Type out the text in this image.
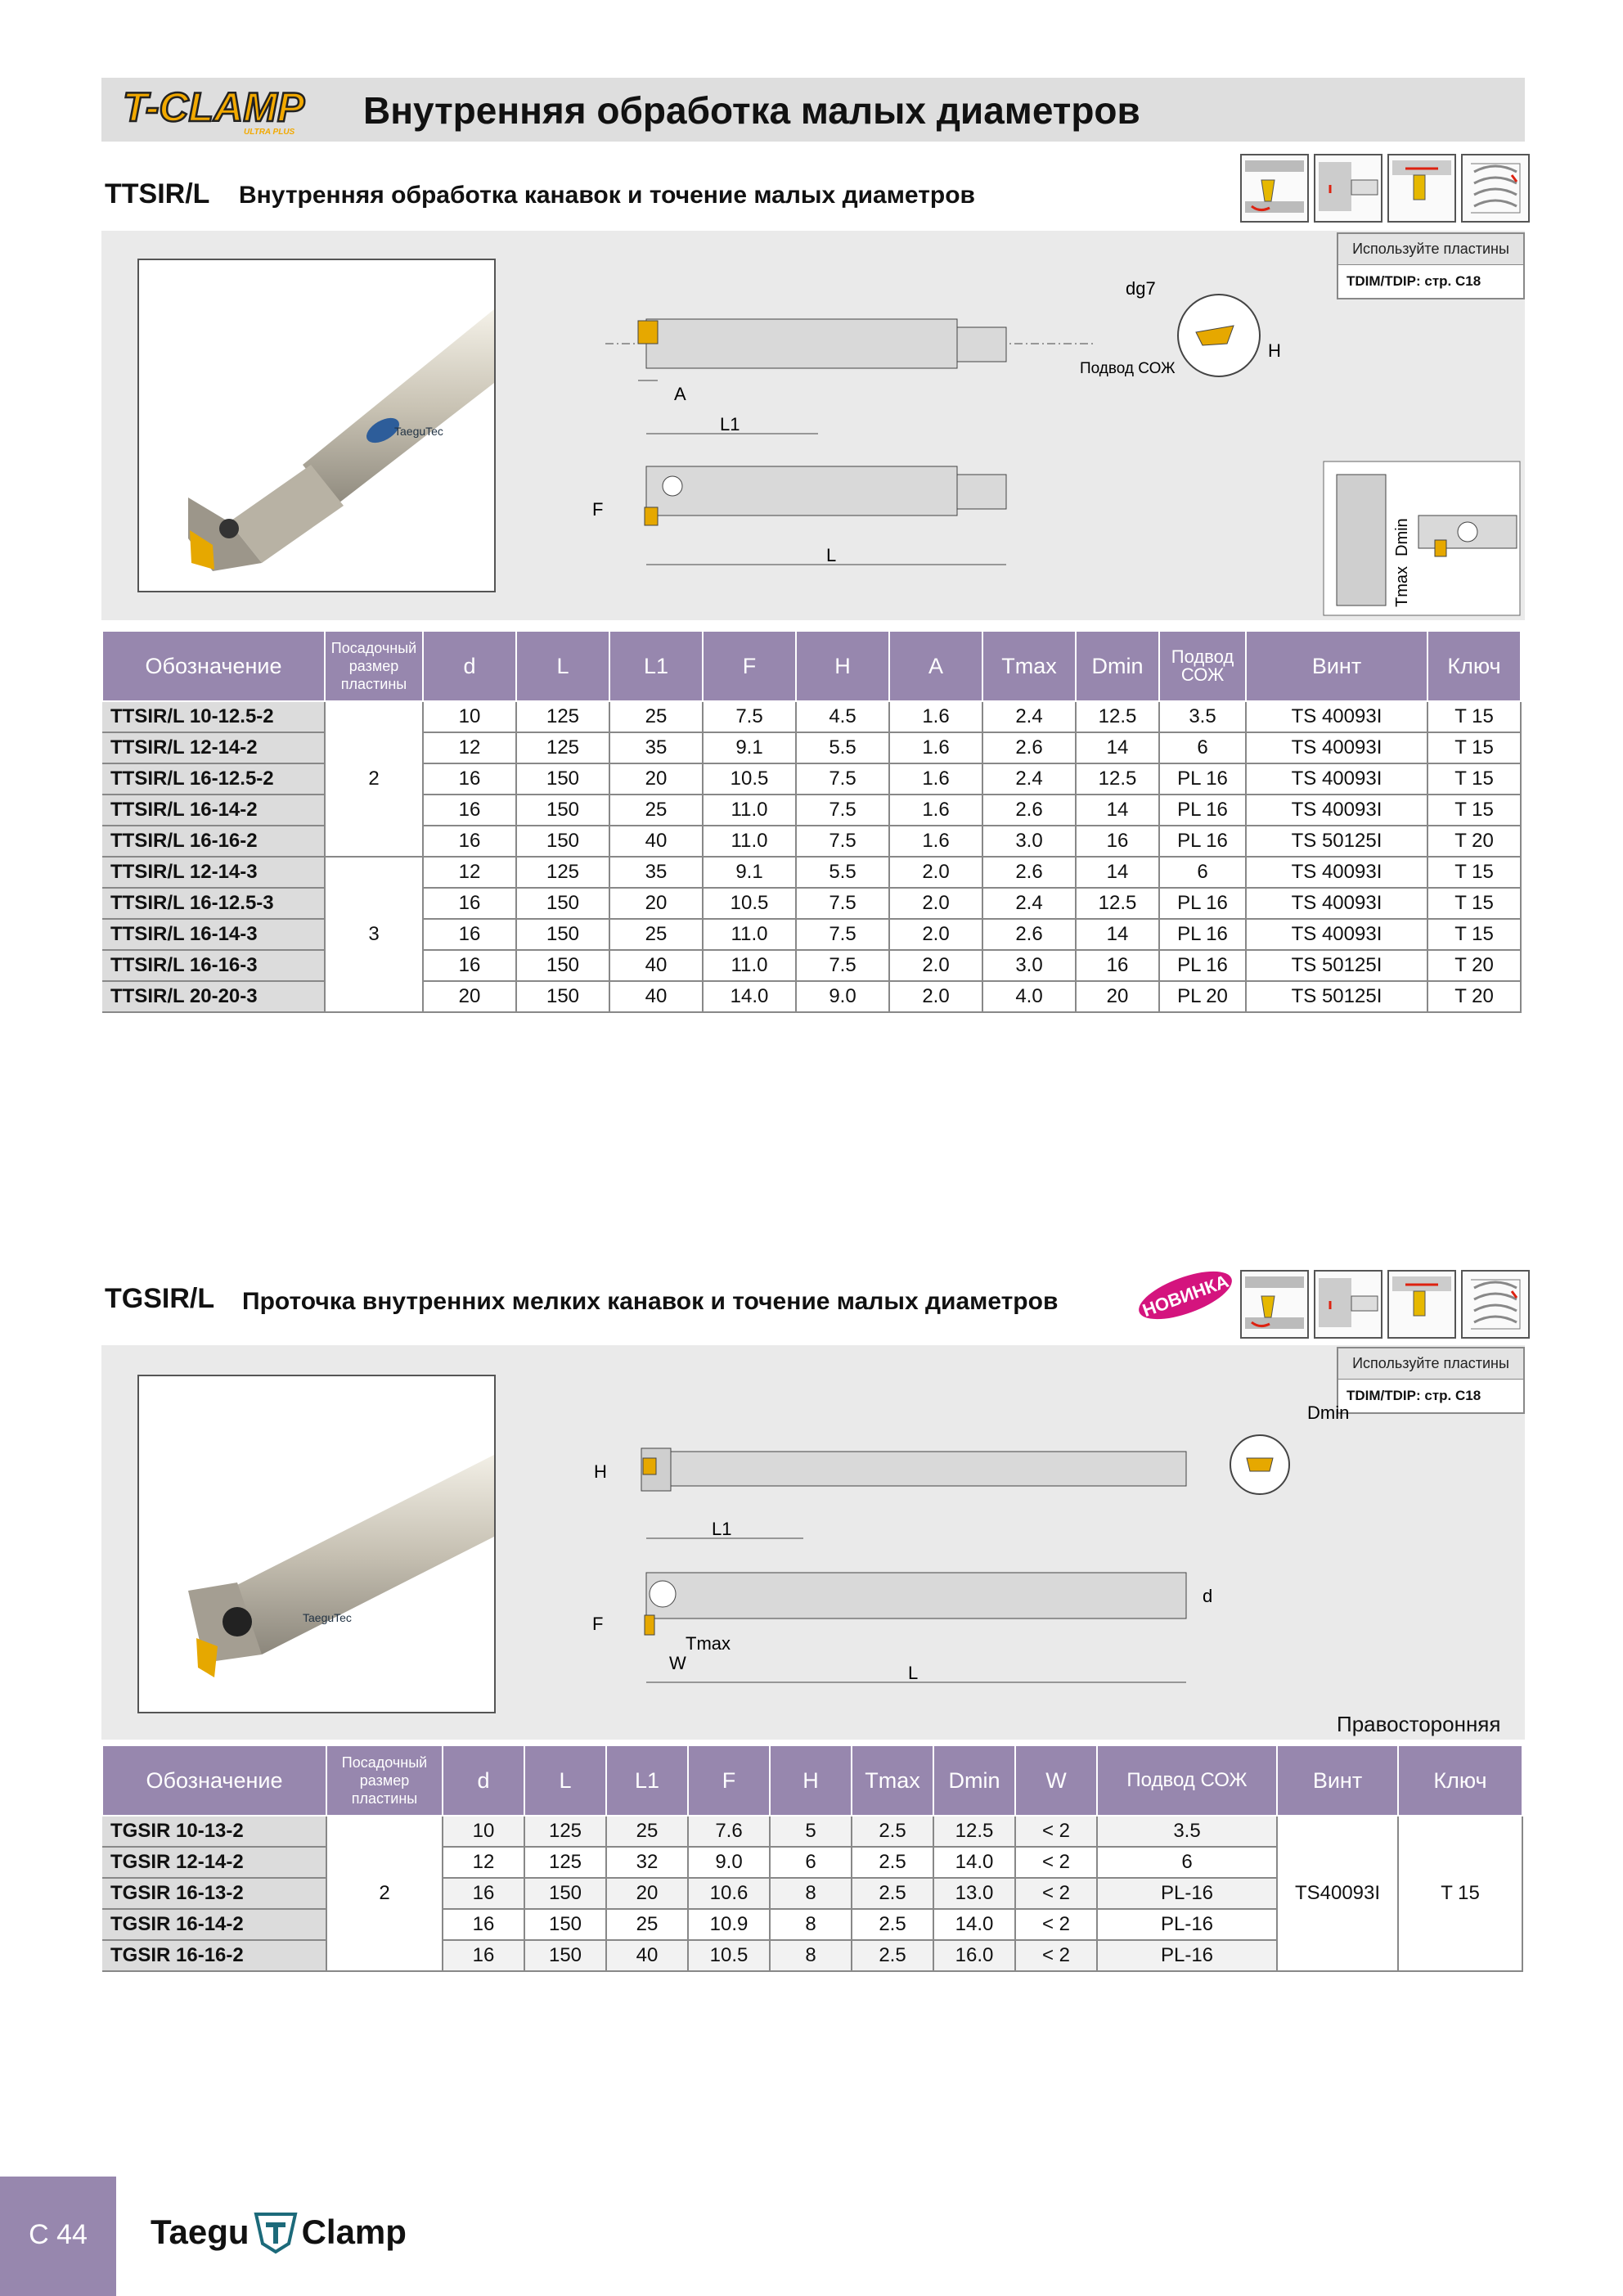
T-CLAMP
ULTRA PLUS
Внутренняя обработка малых диаметров
TTSIR/L Внутренняя обработка канавок и точение малых диаметров
TaeguTec
Используйте пластины
TDIM/TDIP: стр. C18
A
Подвод СОЖ
dg7
H
L1
F
L	Dmin
Tmax
Обозначение	Посадочный размер пластины	d	L	L1	F	H	A	Tmax	Dmin	Подвод СОЖ	Винт	Ключ
TTSIR/L 10-12.5-2	2	10	125	25	7.5	4.5	1.6	2.4	12.5	3.5	TS 40093I	T 15
TTSIR/L 12-14-2		12	125	35	9.1	5.5	1.6	2.6	14	6	TS 40093I	T 15
TTSIR/L 16-12.5-2		16	150	20	10.5	7.5	1.6	2.4	12.5	PL 16	TS 40093I	T 15
TTSIR/L 16-14-2		16	150	25	11.0	7.5	1.6	2.6	14	PL 16	TS 40093I	T 15
TTSIR/L 16-16-2		16	150	40	11.0	7.5	1.6	3.0	16	PL 16	TS 50125I	T 20
TTSIR/L 12-14-3	3	12	125	35	9.1	5.5	2.0	2.6	14	6	TS 40093I	T 15
TTSIR/L 16-12.5-3		16	150	20	10.5	7.5	2.0	2.4	12.5	PL 16	TS 40093I	T 15
TTSIR/L 16-14-3		16	150	25	11.0	7.5	2.0	2.6	14	PL 16	TS 40093I	T 15
TTSIR/L 16-16-3		16	150	40	11.0	7.5	2.0	3.0	16	PL 16	TS 50125I	T 20
TTSIR/L 20-20-3		20	150	40	14.0	9.0	2.0	4.0	20	PL 20	TS 50125I	T 20
TGSIR/L Проточка внутренних мелких канавок и точение малых диаметров	НОВИНКА
TaeguTec
Используйте пластины
TDIM/TDIP: стр. C18
H
Dmin
L1
F
d
Tmax
W	L
Правосторонняя
Обозначение	Посадочный размер пластины	d	L	L1	F	H	Tmax	Dmin	W	Подвод СОЖ	Винт	Ключ
TGSIR 10-13-2	2	10	125	25	7.6	5	2.5	12.5	< 2	3.5	TS40093I	T 15
TGSIR 12-14-2		12	125	32	9.0	6	2.5	14.0	< 2	6		
TGSIR 16-13-2		16	150	20	10.6	8	2.5	13.0	< 2	PL-16		
TGSIR 16-14-2		16	150	25	10.9	8	2.5	14.0	< 2	PL-16		
TGSIR 16-16-2		16	150	40	10.5	8	2.5	16.0	< 2	PL-16		
C 44	Taegu Clamp
